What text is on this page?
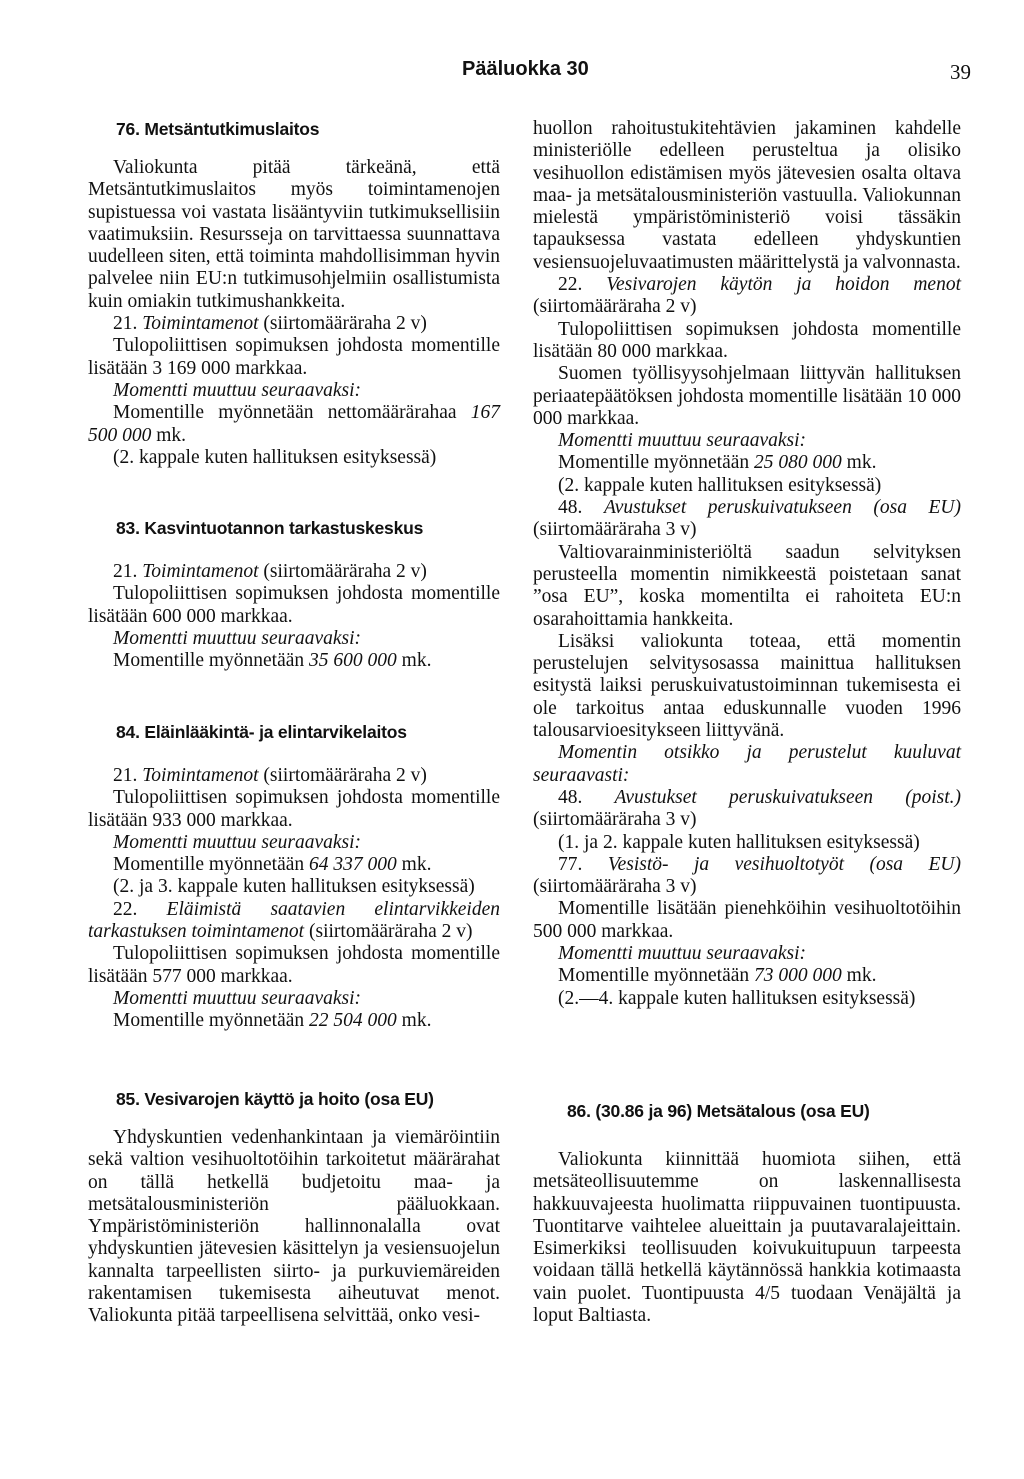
Pääluokka 30	39
76. Metsäntutkimuslaitos

Valiokunta pitää tärkeänä, että Metsäntutkimuslaitos myös toimintamenojen supistuessa voi vastata lisääntyviin tutkimuksellisiin vaatimuksiin. Resursseja on tarvittaessa suunnattava uudelleen siten, että toiminta mahdollisimman hyvin palvelee niin EU:n tutkimusohjelmiin osallistumista kuin omiakin tutkimushankkeita.

21. Toimintamenot (siirtomääräraha 2 v)

Tulopoliittisen sopimuksen johdosta momentille lisätään 3 169 000 markkaa.

Momentti muuttuu seuraavaksi:

Momentille myönnetään nettomäärärahaa 167 500 000 mk.

(2. kappale kuten hallituksen esityksessä)

83. Kasvintuotannon tarkastuskeskus

21. Toimintamenot (siirtomääräraha 2 v)

Tulopoliittisen sopimuksen johdosta momentille lisätään 600 000 markkaa.

Momentti muuttuu seuraavaksi:

Momentille myönnetään 35 600 000 mk.

84. Eläinlääkintä- ja elintarvikelaitos

21. Toimintamenot (siirtomääräraha 2 v)

Tulopoliittisen sopimuksen johdosta momentille lisätään 933 000 markkaa.

Momentti muuttuu seuraavaksi:

Momentille myönnetään 64 337 000 mk.

(2. ja 3. kappale kuten hallituksen esityksessä)

22. Eläimistä saatavien elintarvikkeiden tarkastuksen toimintamenot (siirtomääräraha 2 v)

Tulopoliittisen sopimuksen johdosta momentille lisätään 577 000 markkaa.

Momentti muuttuu seuraavaksi:

Momentille myönnetään 22 504 000 mk.

85. Vesivarojen käyttö ja hoito (osa EU)

Yhdyskuntien vedenhankintaan ja viemäröintiin sekä valtion vesihuoltotöihin tarkoitetut määrärahat on tällä hetkellä budjetoitu maa- ja metsätalousministeriön pääluokkaan. Ympäristöministeriön hallinnonalalla ovat yhdyskuntien jätevesien käsittelyn ja vesiensuojelun kannalta tarpeellisten siirto- ja purkuviemäreiden rakentamisen tukemisesta aiheutuvat menot. Valiokunta pitää tarpeellisena selvittää, onko vesi-

huollon rahoitustukitehtävien jakaminen kahdelle ministeriölle edelleen perusteltua ja olisiko vesihuollon edistämisen myös jätevesien osalta oltava maa- ja metsätalousministeriön vastuulla. Valiokunnan mielestä ympäristöministeriö voisi tässäkin tapauksessa vastata edelleen yhdyskuntien vesiensuojeluvaatimusten määrittelystä ja valvonnasta.

22. Vesivarojen käytön ja hoidon menot (siirtomääräraha 2 v)

Tulopoliittisen sopimuksen johdosta momentille lisätään 80 000 markkaa.

Suomen työllisyysohjelmaan liittyvän hallituksen periaatepäätöksen johdosta momentille lisätään 10 000 000 markkaa.

Momentti muuttuu seuraavaksi:

Momentille myönnetään 25 080 000 mk.

(2. kappale kuten hallituksen esityksessä)

48. Avustukset peruskuivatukseen (osa EU) (siirtomääräraha 3 v)

Valtiovarainministeriöltä saadun selvityksen perusteella momentin nimikkeestä poistetaan sanat ”osa EU”, koska momentilta ei rahoiteta EU:n osarahoittamia hankkeita.

Lisäksi valiokunta toteaa, että momentin perustelujen selvitysosassa mainittua hallituksen esitystä laiksi peruskuivatustoiminnan tukemisesta ei ole tarkoitus antaa eduskunnalle vuoden 1996 talousarvioesitykseen liittyvänä.

Momentin otsikko ja perustelut kuuluvat seuraavasti:

48. Avustukset peruskuivatukseen (poist.) (siirtomääräraha 3 v)

(1. ja 2. kappale kuten hallituksen esityksessä)

77. Vesistö- ja vesihuoltotyöt (osa EU) (siirtomääräraha 3 v)

Momentille lisätään pienehköihin vesihuoltotöihin 500 000 markkaa.

Momentti muuttuu seuraavaksi:

Momentille myönnetään 73 000 000 mk.

(2.—4. kappale kuten hallituksen esityksessä)

86. (30.86 ja 96) Metsätalous (osa EU)

Valiokunta kiinnittää huomiota siihen, että metsäteollisuutemme on laskennallisesta hakkuuvajeesta huolimatta riippuvainen tuontipuusta. Tuontitarve vaihtelee alueittain ja puutavaralajeittain. Esimerkiksi teollisuuden koivukuitupuun tarpeesta voidaan tällä hetkellä käytännössä hankkia kotimaasta vain puolet. Tuontipuusta 4/5 tuodaan Venäjältä ja loput Baltiasta.
